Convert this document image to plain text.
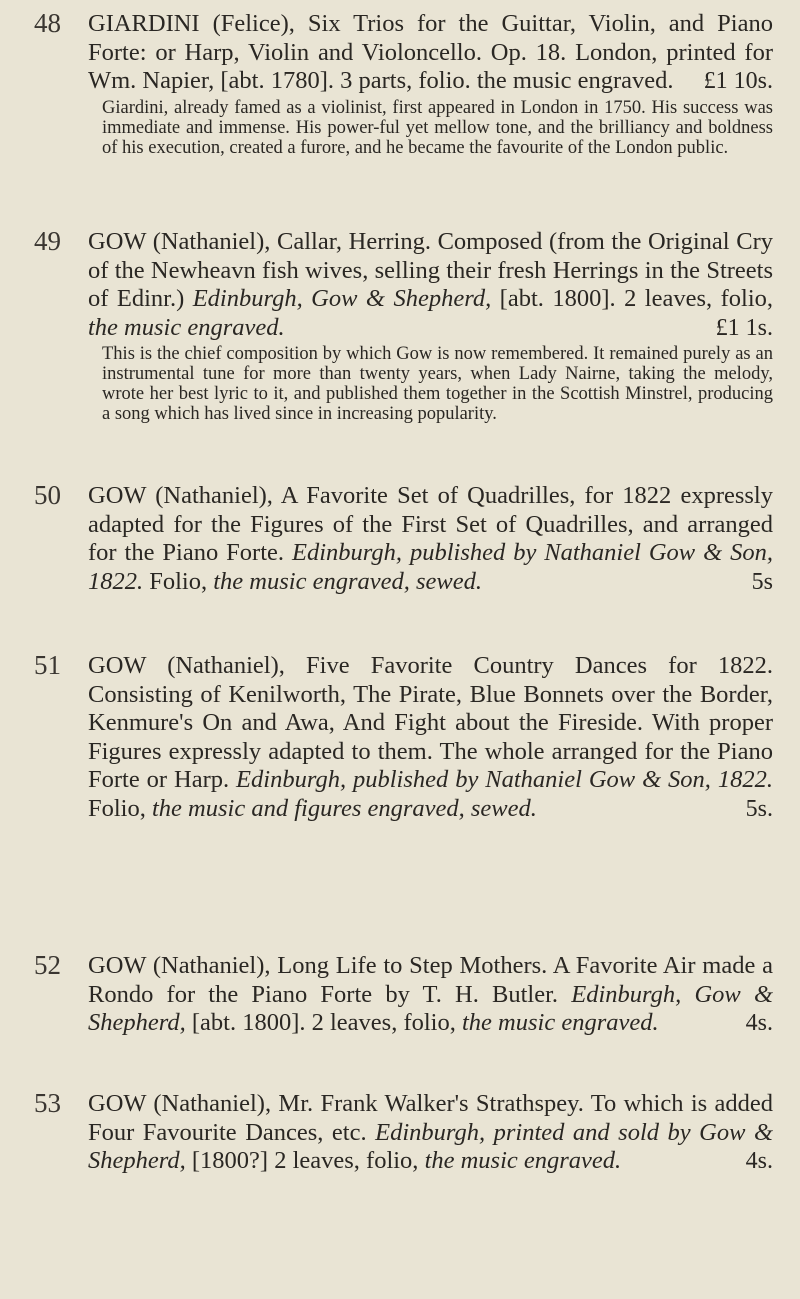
48 GIARDINI (Felice), Six Trios for the Guittar, Violin, and Piano Forte: or Harp, Violin and Violoncello. Op. 18. London, printed for Wm. Napier, [abt. 1780]. 3 parts, folio. the music engraved. £1 10s.
Giardini, already famed as a violinist, first appeared in London in 1750. His success was immediate and immense. His power-ful yet mellow tone, and the brilliancy and boldness of his execution, created a furore, and he became the favourite of the London public.
49 GOW (Nathaniel), Callar, Herring. Composed (from the Original Cry of the Newheavn fish wives, selling their fresh Herrings in the Streets of Edinr.) Edinburgh, Gow & Shepherd, [abt. 1800]. 2 leaves, folio, the music engraved.	£1 1s.
This is the chief composition by which Gow is now remembered. It remained purely as an instrumental tune for more than twenty years, when Lady Nairne, taking the melody, wrote her best lyric to it, and published them together in the Scottish Minstrel, producing a song which has lived since in increasing popularity.
50 GOW (Nathaniel), A Favorite Set of Quadrilles, for 1822 expressly adapted for the Figures of the First Set of Quadrilles, and arranged for the Piano Forte. Edinburgh, published by Nathaniel Gow & Son, 1822. Folio, the music engraved, sewed.	5s
51 GOW (Nathaniel), Five Favorite Country Dances for 1822. Consisting of Kenilworth, The Pirate, Blue Bonnets over the Border, Kenmure's On and Awa, And Fight about the Fireside. With proper Figures expressly adapted to them. The whole arranged for the Piano Forte or Harp. Edinburgh, published by Nathaniel Gow & Son, 1822. Folio, the music and figures engraved, sewed.	5s.
52 GOW (Nathaniel), Long Life to Step Mothers. A Favorite Air made a Rondo for the Piano Forte by T. H. Butler. Edinburgh, Gow & Shepherd, [abt. 1800]. 2 leaves, folio, the music engraved.	4s.
53 GOW (Nathaniel), Mr. Frank Walker's Strathspey. To which is added Four Favourite Dances, etc. Edinburgh, printed and sold by Gow & Shepherd, [1800?] 2 leaves, folio, the music engraved.	4s.
